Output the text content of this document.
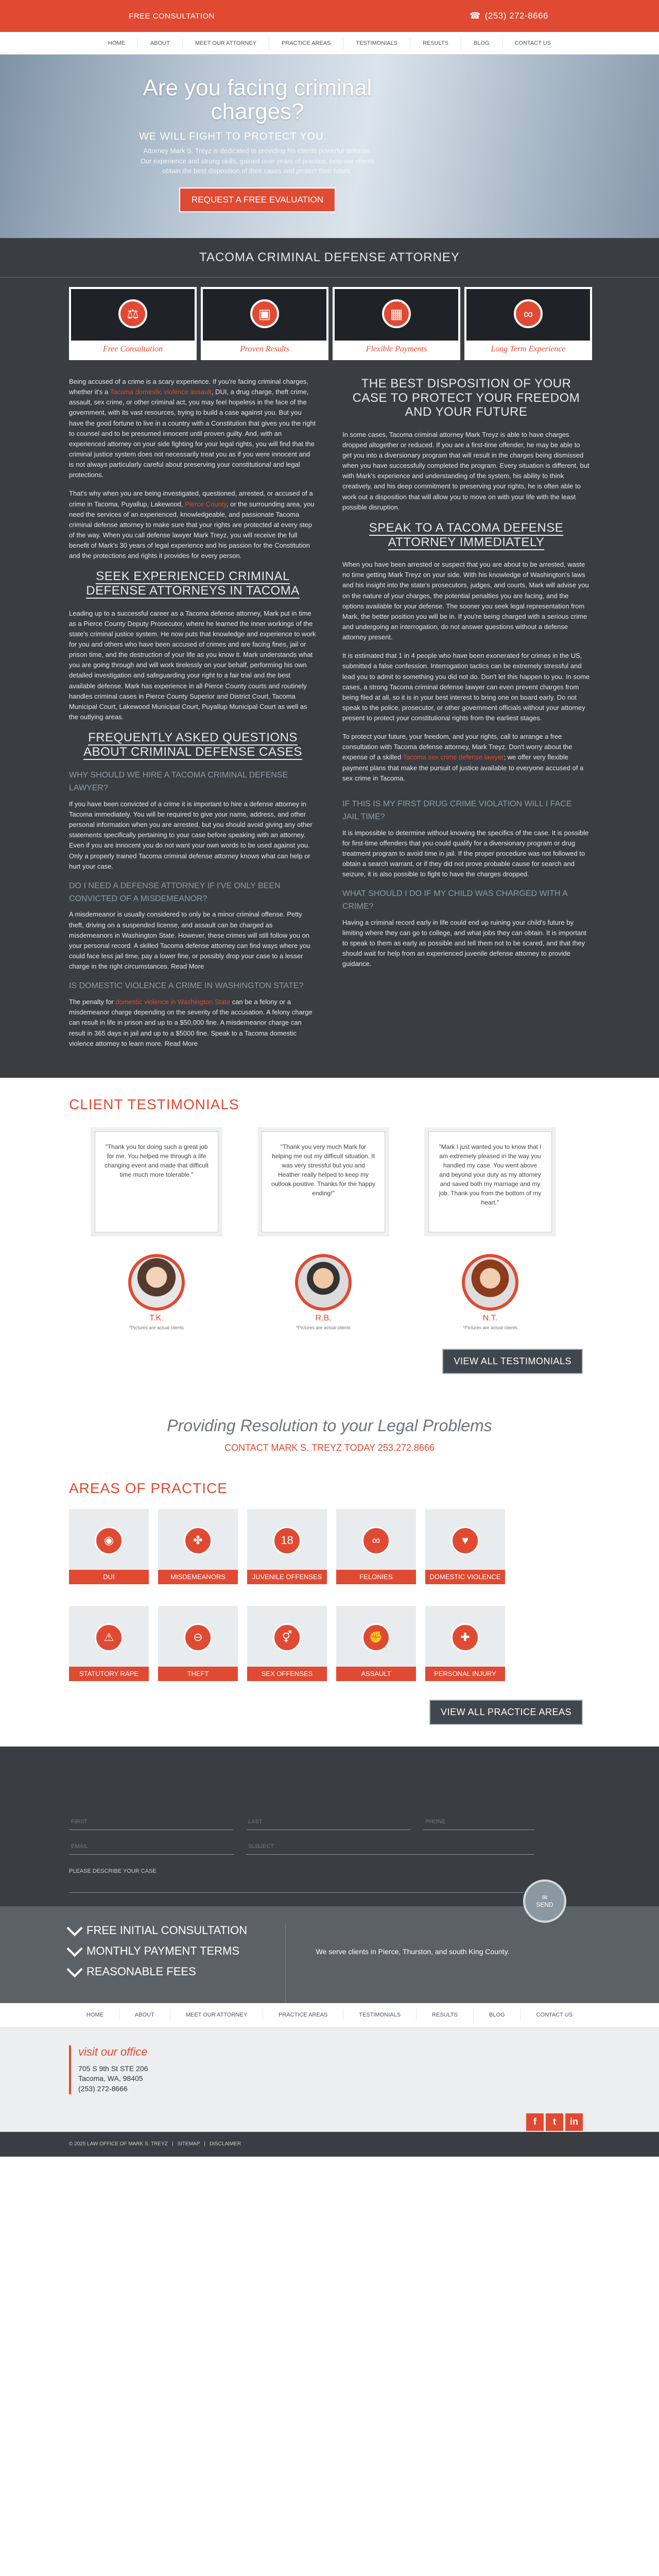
FREE CONSULTATION	☎ (253) 272-8666
HOME	ABOUT	MEET OUR ATTORNEY	PRACTICE AREAS	TESTIMONIALS	RESULTS	BLOG	CONTACT US
Are you facing criminal charges?
WE WILL FIGHT TO PROTECT YOU.

Attorney Mark S. Treyz is dedicated to providing his clients powerful defense. Our experience and strong skills, gained over years of practice, help our clients obtain the best disposition of their cases and protect their future.

REQUEST A FREE EVALUATION
TACOMA CRIMINAL DEFENSE ATTORNEY
⚖
Free Consultation
▣
Proven Results
▦
Flexible Payments
∞
Long Term Experience

Being accused of a crime is a scary experience. If you're facing criminal charges, whether it's a Tacoma domestic violence assault, DUI, a drug charge, theft crime, assault, sex crime, or other criminal act, you may feel hopeless in the face of the government, with its vast resources, trying to build a case against you. But you have the good fortune to live in a country with a Constitution that gives you the right to counsel and to be presumed innocent until proven guilty. And, with an experienced attorney on your side fighting for your legal rights, you will find that the criminal justice system does not necessarily treat you as if you were innocent and is not always particularly careful about preserving your constitutional and legal protections.

That's why when you are being investigated, questioned, arrested, or accused of a crime in Tacoma, Puyallup, Lakewood, Pierce County, or the surrounding area, you need the services of an experienced, knowledgeable, and passionate Tacoma criminal defense attorney to make sure that your rights are protected at every step of the way. When you call defense lawyer Mark Treyz, you will receive the full benefit of Mark's 30 years of legal experience and his passion for the Constitution and the protections and rights it provides for every person.

SEEK EXPERIENCED CRIMINAL DEFENSE ATTORNEYS IN TACOMA

Leading up to a successful career as a Tacoma defense attorney, Mark put in time as a Pierce County Deputy Prosecutor, where he learned the inner workings of the state's criminal justice system. He now puts that knowledge and experience to work for you and others who have been accused of crimes and are facing fines, jail or prison time, and the destruction of your life as you know it. Mark understands what you are going through and will work tirelessly on your behalf, performing his own detailed investigation and safeguarding your right to a fair trial and the best available defense. Mark has experience in all Pierce County courts and routinely handles criminal cases in Pierce County Superior and District Court, Tacoma Municipal Court, Lakewood Municipal Court, Puyallup Municipal Court as well as the outlying areas.

FREQUENTLY ASKED QUESTIONS ABOUT CRIMINAL DEFENSE CASES
WHY SHOULD WE HIRE A TACOMA CRIMINAL DEFENSE LAWYER?

If you have been convicted of a crime it is important to hire a defense attorney in Tacoma immediately. You will be required to give your name, address, and other personal information when you are arrested, but you should avoid giving any other statements specifically pertaining to your case before speaking with an attorney. Even if you are innocent you do not want your own words to be used against you. Only a properly trained Tacoma criminal defense attorney knows what can help or hurt your case.

DO I NEED A DEFENSE ATTORNEY IF I'VE ONLY BEEN CONVICTED OF A MISDEMEANOR?

A misdemeanor is usually considered to only be a minor criminal offense. Petty theft, driving on a suspended license, and assault can be charged as misdemeanors in Washington State. However, these crimes will still follow you on your personal record. A skilled Tacoma defense attorney can find ways where you could face less jail time, pay a lower fine, or possibly drop your case to a lesser charge in the right circumstances. Read More

IS DOMESTIC VIOLENCE A CRIME IN WASHINGTON STATE?

The penalty for domestic violence in Washington State can be a felony or a misdemeanor charge depending on the severity of the accusation. A felony charge can result in life in prison and up to a $50,000 fine. A misdemeanor charge can result in 365 days in jail and up to a $5000 fine. Speak to a Tacoma domestic violence attorney to learn more. Read More

THE BEST DISPOSITION OF YOUR CASE TO PROTECT YOUR FREEDOM AND YOUR FUTURE

In some cases, Tacoma criminal attorney Mark Treyz is able to have charges dropped altogether or reduced. If you are a first-time offender, he may be able to get you into a diversionary program that will result in the charges being dismissed when you have successfully completed the program. Every situation is different, but with Mark's experience and understanding of the system, his ability to think creatively, and his deep commitment to preserving your rights, he is often able to work out a disposition that will allow you to move on with your life with the least possible disruption.

SPEAK TO A TACOMA DEFENSE ATTORNEY IMMEDIATELY

When you have been arrested or suspect that you are about to be arrested, waste no time getting Mark Treyz on your side. With his knowledge of Washington's laws and his insight into the state's prosecutors, judges, and courts, Mark will advise you on the nature of your charges, the potential penalties you are facing, and the options available for your defense. The sooner you seek legal representation from Mark, the better position you will be in. If you're being charged with a serious crime and undergoing an interrogation, do not answer questions without a defense attorney present.

It is estimated that 1 in 4 people who have been exonerated for crimes in the US, submitted a false confession. Interrogation tactics can be extremely stressful and lead you to admit to something you did not do. Don't let this happen to you. In some cases, a strong Tacoma criminal defense lawyer can even prevent charges from being filed at all, so it is in your best interest to bring one on board early. Do not speak to the police, prosecutor, or other government officials without your attorney present to protect your constitutional rights from the earliest stages.

To protect your future, your freedom, and your rights, call to arrange a free consultation with Tacoma defense attorney, Mark Treyz. Don't worry about the expense of a skilled Tacoma sex crime defense lawyer; we offer very flexible payment plans that make the pursuit of justice available to everyone accused of a sex crime in Tacoma.

IF THIS IS MY FIRST DRUG CRIME VIOLATION WILL I FACE JAIL TIME?

It is impossible to determine without knowing the specifics of the case. It is possible for first-time offenders that you could qualify for a diversionary program or drug treatment program to avoid time in jail. If the proper procedure was not followed to obtain a search warrant, or if they did not prove probable cause for search and seizure, it is also possible to fight to have the charges dropped.

WHAT SHOULD I DO IF MY CHILD WAS CHARGED WITH A CRIME?

Having a criminal record early in life could end up ruining your child's future by limiting where they can go to college, and what jobs they can obtain. It is important to speak to them as early as possible and tell them not to be scared, and that they should wait for help from an experienced juvenile defense attorney to provide guidance.

CLIENT TESTIMONIALS
"Thank you for doing such a great job for me. You helped me through a life changing event and made that difficult time much more tolerable."
T.K.
*Pictures are actual clients
"Thank you very much Mark for helping me out my difficult situation. It was very stressful but you and Heather really helped to keep my outlook positive. Thanks for the happy ending!"
R.B.
*Pictures are actual clients
"Mark I just wanted you to know that I am extremely pleased in the way you handled my case. You went above and beyond your duty as my attorney and saved both my marriage and my job. Thank you from the bottom of my heart."
N.T.
*Pictures are actual clients
VIEW ALL TESTIMONIALS
Providing Resolution to your Legal Problems

CONTACT MARK S. TREYZ TODAY 253.272.8666

AREAS OF PRACTICE
◉
DUI
✤
MISDEMEANORS
18
JUVENILE OFFENSES
∞
FELONIES
♥
DOMESTIC VIOLENCE
⚠
STATUTORY RAPE
⊖
THEFT
⚥
SEX OFFENSES
✊
ASSAULT
✚
PERSONAL INJURY
VIEW ALL PRACTICE AREAS
FIRST
LAST
PHONE
EMAIL
SUBJECT
PLEASE DESCRIBE YOUR CASE
✉
SEND
FREE INITIAL CONSULTATION
MONTHLY PAYMENT TERMS
REASONABLE FEES
We serve clients in Pierce, Thurston, and south King County.
HOME	ABOUT	MEET OUR ATTORNEY	PRACTICE AREAS	TESTIMONIALS	RESULTS	BLOG	CONTACT US
visit our office

705 S 9th St STE 206

Tacoma, WA, 98405

(253) 272-8666

f	t	in
© 2025 LAW OFFICE OF MARK S. TREYZ | SITEMAP | DISCLAIMER
